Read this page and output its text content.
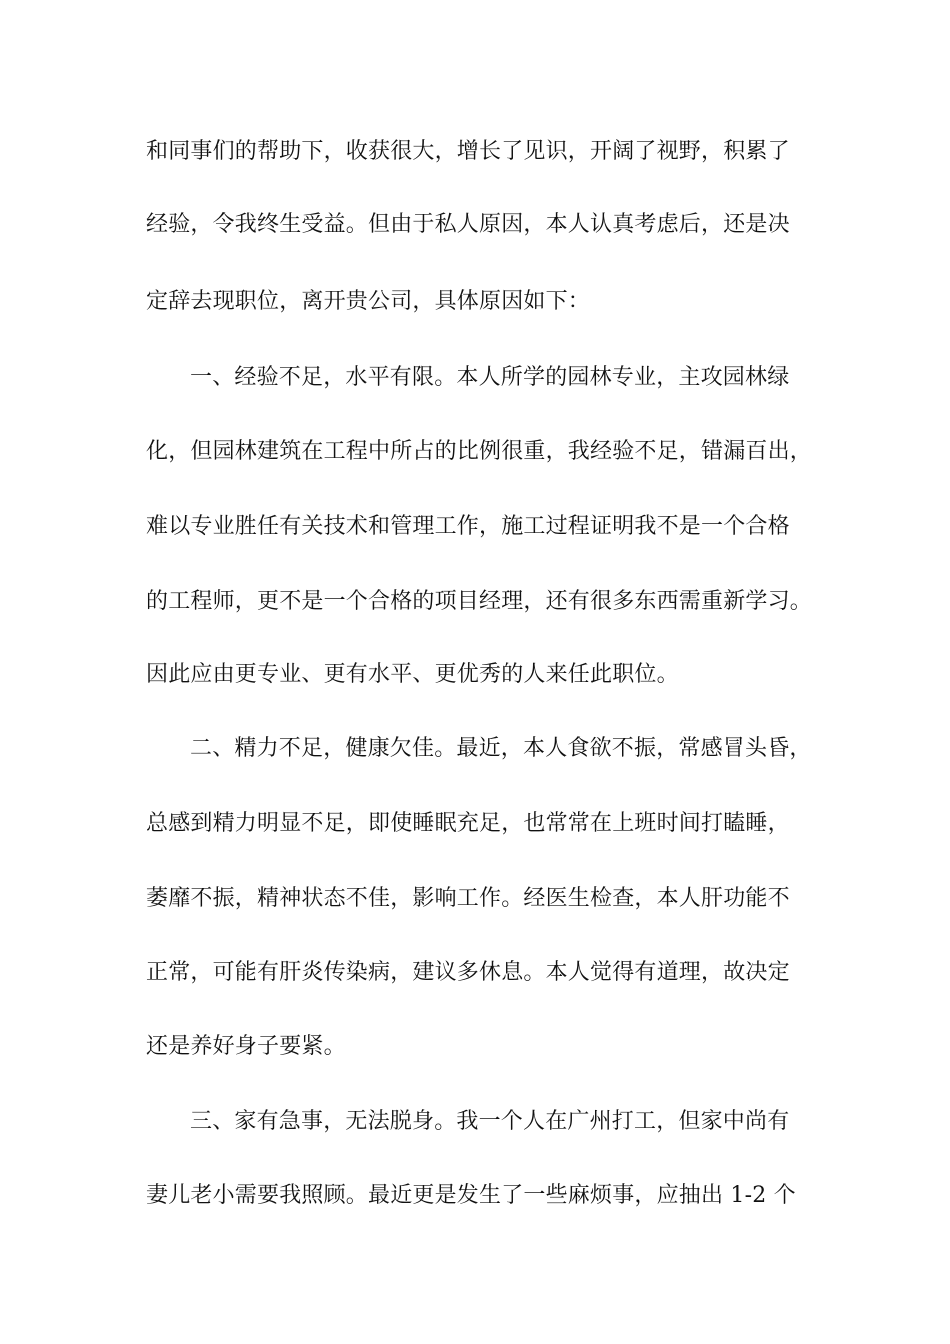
和同事们的帮助下，收获很大，增长了见识，开阔了视野，积累了
经验，令我终生受益。但由于私人原因，本人认真考虑后，还是决
定辞去现职位，离开贵公司，具体原因如下：
一、经验不足，水平有限。本人所学的园林专业，主攻园林绿
化，但园林建筑在工程中所占的比例很重，我经验不足，错漏百出，
难以专业胜任有关技术和管理工作，施工过程证明我不是一个合格
的工程师，更不是一个合格的项目经理，还有很多东西需重新学习。
因此应由更专业、更有水平、更优秀的人来任此职位。
二、精力不足，健康欠佳。最近，本人食欲不振，常感冒头昏，
总感到精力明显不足，即使睡眠充足，也常常在上班时间打瞌睡，
萎靡不振，精神状态不佳，影响工作。经医生检查，本人肝功能不
正常，可能有肝炎传染病，建议多休息。本人觉得有道理，故决定
还是养好身子要紧。
三、家有急事，无法脱身。我一个人在广州打工，但家中尚有
妻儿老小需要我照顾。最近更是发生了一些麻烦事，应抽出 1-2 个
